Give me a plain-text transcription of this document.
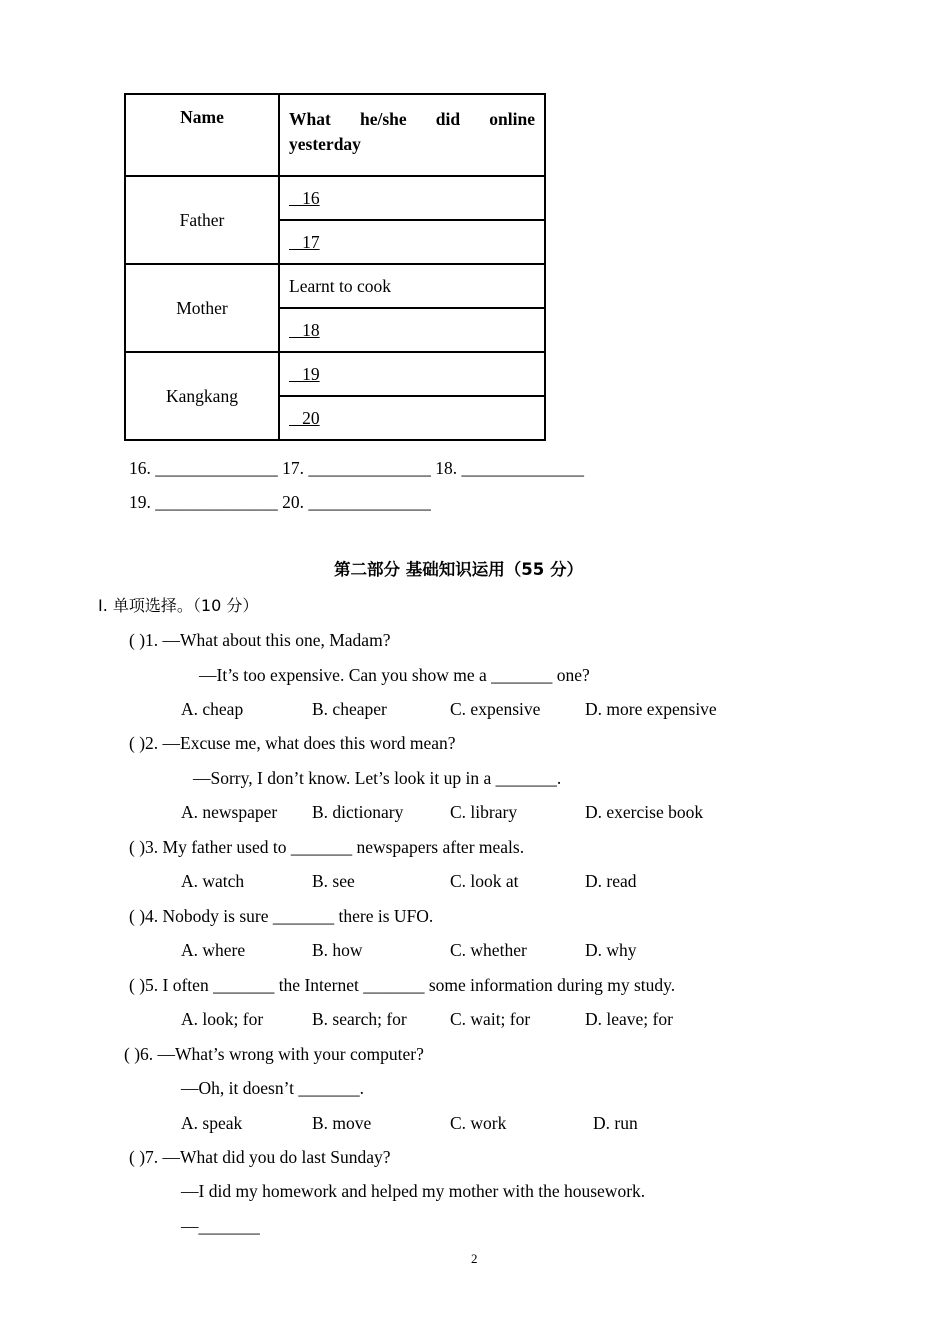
Name	What he/she did online
yesterday

Father	16
	17
Mother	Learnt to cook
	18
Kangkang	19
	20
16. ______________ 17. ______________ 18. ______________
19. ______________ 20. ______________
第二部分 基础知识运用（55 分）
Ⅰ. 单项选择。（10 分）
( )1. —What about this one, Madam?
—It’s too expensive. Can you show me a _______ one?
A. cheap	B. cheaper	C. expensive	D. more expensive
( )2. —Excuse me, what does this word mean?
—Sorry, I don’t know. Let’s look it up in a _______.
A. newspaper B. dictionary	C. library	D. exercise book
( )3. My father used to _______ newspapers after meals.
A. watch	B. see	C. look at	D. read
( )4. Nobody is sure _______ there is UFO.
A. where	B. how	C. whether	D. why
( )5. I often _______ the Internet _______ some information during my study.
A. look; for	B. search; for C. wait; for	D. leave; for
( )6. —What’s wrong with your computer?
—Oh, it doesn’t _______.
A. speak	B. move	C. work	D. run
( )7. —What did you do last Sunday?
—I did my homework and helped my mother with the housework.
—_______
2
